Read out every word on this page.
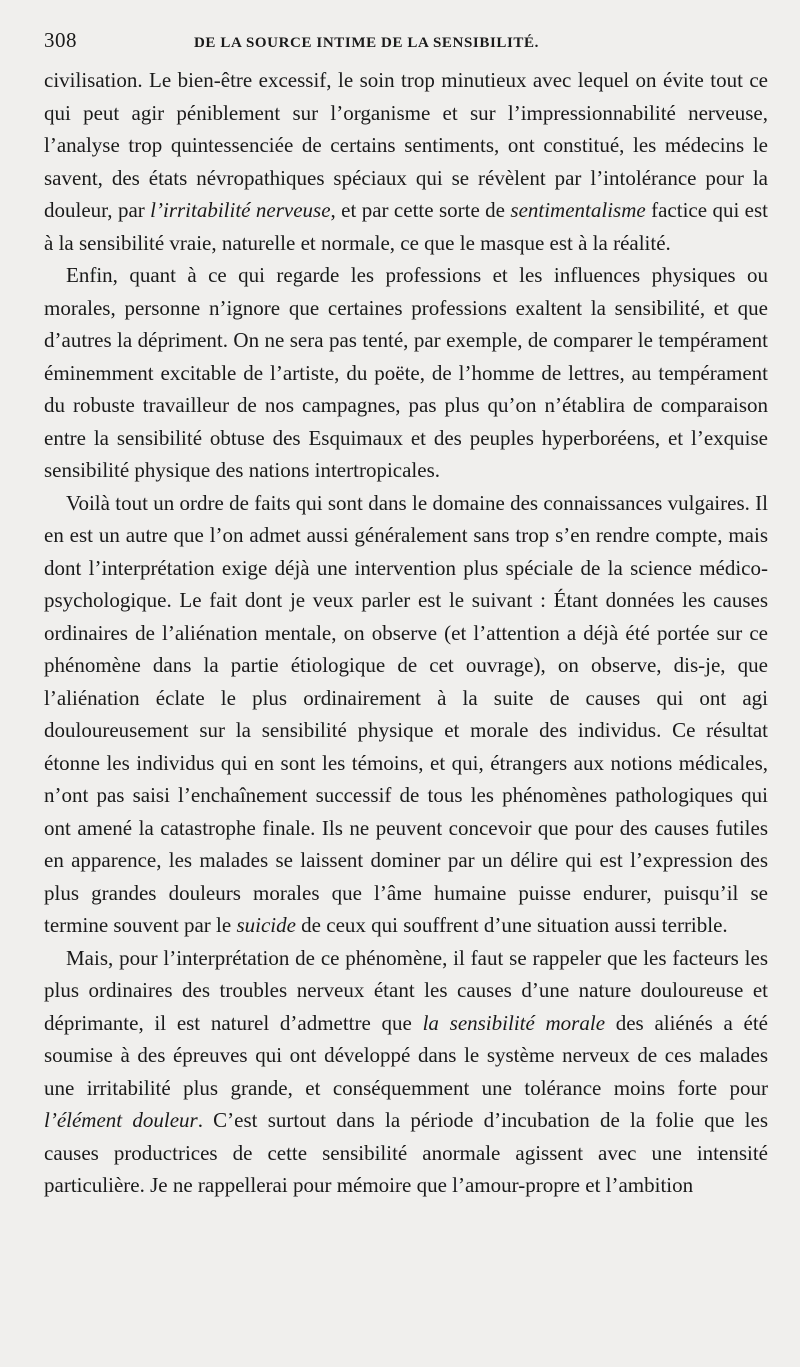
308	DE LA SOURCE INTIME DE LA SENSIBILITÉ.

civilisation. Le bien-être excessif, le soin trop minutieux avec lequel on évite tout ce qui peut agir péniblement sur l’organisme et sur l’impressionnabilité nerveuse, l’analyse trop quintessenciée de certains sentiments, ont constitué, les médecins le savent, des états névropathiques spéciaux qui se révèlent par l’intolérance pour la douleur, par l’irritabilité nerveuse, et par cette sorte de sentimentalisme factice qui est à la sensibilité vraie, naturelle et normale, ce que le masque est à la réalité.

Enfin, quant à ce qui regarde les professions et les influences physiques ou morales, personne n’ignore que certaines professions exaltent la sensibilité, et que d’autres la dépriment. On ne sera pas tenté, par exemple, de comparer le tempérament éminemment excitable de l’artiste, du poëte, de l’homme de lettres, au tempérament du robuste travailleur de nos campagnes, pas plus qu’on n’établira de comparaison entre la sensibilité obtuse des Esquimaux et des peuples hyperboréens, et l’exquise sensibilité physique des nations intertropicales.

Voilà tout un ordre de faits qui sont dans le domaine des connaissances vulgaires. Il en est un autre que l’on admet aussi généralement sans trop s’en rendre compte, mais dont l’interprétation exige déjà une intervention plus spéciale de la science médico-psychologique. Le fait dont je veux parler est le suivant : Étant données les causes ordinaires de l’aliénation mentale, on observe (et l’attention a déjà été portée sur ce phénomène dans la partie étiologique de cet ouvrage), on observe, dis-je, que l’aliénation éclate le plus ordinairement à la suite de causes qui ont agi douloureusement sur la sensibilité physique et morale des individus. Ce résultat étonne les individus qui en sont les témoins, et qui, étrangers aux notions médicales, n’ont pas saisi l’enchaînement successif de tous les phénomènes pathologiques qui ont amené la catastrophe finale. Ils ne peuvent concevoir que pour des causes futiles en apparence, les malades se laissent dominer par un délire qui est l’expression des plus grandes douleurs morales que l’âme humaine puisse endurer, puisqu’il se termine souvent par le suicide de ceux qui souffrent d’une situation aussi terrible.

Mais, pour l’interprétation de ce phénomène, il faut se rappeler que les facteurs les plus ordinaires des troubles nerveux étant les causes d’une nature douloureuse et déprimante, il est naturel d’admettre que la sensibilité morale des aliénés a été soumise à des épreuves qui ont développé dans le système nerveux de ces malades une irritabilité plus grande, et conséquemment une tolérance moins forte pour l’élément douleur. C’est surtout dans la période d’incubation de la folie que les causes productrices de cette sensibilité anormale agissent avec une intensité particulière. Je ne rappellerai pour mémoire que l’amour-propre et l’ambition
